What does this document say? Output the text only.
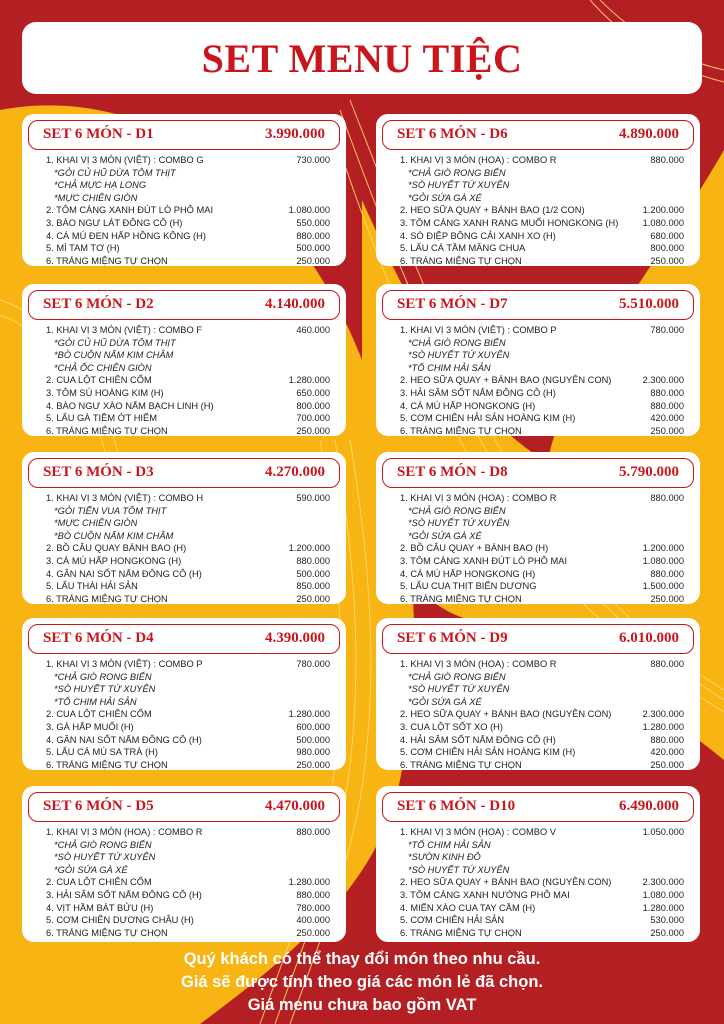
SET MENU TIỆC
SET 6 MÓN - D1	3.990.000
1. KHAI VỊ 3 MÓN (VIỆT) : COMBO G	730.000
*GỎI CỦ HŨ DỪA TÔM THỊT
*CHẢ MỰC HẠ LONG
*MỰC CHIÊN GIÒN
2. TÔM CÀNG XANH ĐÚT LÒ PHÔ MAI	1.080.000
3. BÀO NGƯ LÁT ĐÔNG CÔ (H)	550.000
4. CÁ MÚ ĐEN HẤP HỒNG KÔNG (H)	880.000
5. MÌ TAM TƠ (H)	500.000
6. TRÁNG MIỆNG TỰ CHỌN	250.000
SET 6 MÓN - D6	4.890.000
1. KHAI VỊ 3 MÓN (HOA) : COMBO R	880.000
*CHẢ GIÒ RONG BIỂN
*SÒ HUYẾT TỨ XUYÊN
*GỎI SỨA GÀ XÉ
2. HEO SỮA QUAY + BÁNH BAO (1/2 CON)	1.200.000
3. TÔM CÀNG XANH RANG MUỐI HONGKONG (H)	1.080.000
4. SÒ ĐIỆP BÔNG CẢI XANH XO (H)	680.000
5. LẨU CÁ TẦM MĂNG CHUA	800.000
6. TRÁNG MIỆNG TỰ CHỌN	250.000
SET 6 MÓN - D2	4.140.000
1. KHAI VỊ 3 MÓN (VIỆT) : COMBO F	460.000
*GỎI CỦ HŨ DỪA TÔM THỊT
*BÒ CUỘN NẤM KIM CHÂM
*CHẢ ỐC CHIÊN GIÒN
2. CUA LỘT CHIÊN CỐM	1.280.000
3. TÔM SÚ HOÀNG KIM (H)	650.000
4. BÀO NGƯ XÀO NẤM BẠCH LINH (H)	800.000
5. LẨU GÀ TIỀM ỚT HIỂM	700.000
6. TRÁNG MIỆNG TỰ CHỌN	250.000
SET 6 MÓN - D7	5.510.000
1. KHAI VỊ 3 MÓN (VIỆT) : COMBO P	780.000
*CHẢ GIÒ RONG BIỂN
*SÒ HUYẾT TỨ XUYÊN
*TỔ CHIM HẢI SẢN
2. HEO SỮA QUAY + BÁNH BAO (NGUYÊN CON)	2.300.000
3. HẢI SÂM SỐT NẤM ĐÔNG CÔ (H)	880.000
4. CÁ MÚ HẤP HONGKONG (H)	880.000
5. CƠM CHIÊN HẢI SẢN HOÀNG KIM (H)	420.000
6. TRÁNG MIỆNG TỰ CHỌN	250.000
SET 6 MÓN - D3	4.270.000
1. KHAI VỊ 3 MÓN (VIỆT) : COMBO H	590.000
*GỎI TIẾN VUA TÔM THỊT
*MỰC CHIÊN GIÒN
*BÒ CUỘN NẤM KIM CHÂM
2. BỒ CÂU QUAY BÁNH BAO (H)	1.200.000
3. CÁ MÚ HẤP HONGKONG (H)	880.000
4. GÂN NAI SỐT NẤM ĐÔNG CÔ (H)	500.000
5. LẨU THÁI HẢI SẢN	850.000
6. TRÁNG MIỆNG TỰ CHỌN	250.000
SET 6 MÓN - D8	5.790.000
1. KHAI VỊ 3 MÓN (HOA) : COMBO R	880.000
*CHẢ GIÒ RONG BIỂN
*SÒ HUYẾT TỨ XUYÊN
*GỎI SỨA GÀ XÉ
2. BỒ CÂU QUAY + BÁNH BAO (H)	1.200.000
3. TÔM CÀNG XANH ĐÚT LÒ PHÔ MAI	1.080.000
4. CÁ MÚ HẤP HONGKONG (H)	880.000
5. LẨU CUA THỊT BIỂN DƯƠNG	1.500.000
6. TRÁNG MIỆNG TỰ CHỌN	250.000
SET 6 MÓN - D4	4.390.000
1. KHAI VỊ 3 MÓN (VIỆT) : COMBO P	780.000
*CHẢ GIÒ RONG BIỂN
*SÒ HUYẾT TỨ XUYÊN
*TỔ CHIM HẢI SẢN
2. CUA LỘT CHIÊN CỐM	1.280.000
3. GÀ HẤP MUỐI (H)	600.000
4. GÂN NAI SỐT NẤM ĐÔNG CÔ (H)	500.000
5. LẨU CÁ MÚ SA TRÀ (H)	980.000
6. TRÁNG MIỆNG TỰ CHỌN	250.000
SET 6 MÓN - D9	6.010.000
1. KHAI VỊ 3 MÓN (HOA) : COMBO R	880.000
*CHẢ GIÒ RONG BIỂN
*SÒ HUYẾT TỨ XUYÊN
*GỎI SỨA GÀ XÉ
2. HEO SỮA QUAY + BÁNH BAO (NGUYÊN CON)	2.300.000
3. CUA LỘT SỐT XO (H)	1.280.000
4. HẢI SÂM SỐT NẤM ĐÔNG CÔ (H)	880.000
5. CƠM CHIÊN HẢI SẢN HOÀNG KIM (H)	420.000
6. TRÁNG MIỆNG TỰ CHỌN	250.000
SET 6 MÓN - D5	4.470.000
1. KHAI VỊ 3 MÓN (HOA) : COMBO R	880.000
*CHẢ GIÒ RONG BIỂN
*SÒ HUYẾT TỨ XUYÊN
*GỎI SỨA GÀ XÉ
2. CUA LỘT CHIÊN CỐM	1.280.000
3. HẢI SÂM SỐT NẤM ĐÔNG CÔ (H)	880.000
4. VỊT HẦM BÁT BỬU (H)	780.000
5. CƠM CHIÊN DƯƠNG CHÂU (H)	400.000
6. TRÁNG MIỆNG TỰ CHỌN	250.000
SET 6 MÓN - D10	6.490.000
1. KHAI VỊ 3 MÓN (HOA) : COMBO V	1.050.000
*TỔ CHIM HẢI SẢN
*SƯỜN KINH ĐÔ
*SÒ HUYẾT TỨ XUYÊN
2. HEO SỮA QUAY + BÁNH BAO (NGUYÊN CON)	2.300.000
3. TÔM CÀNG XANH NƯỚNG PHÔ MAI	1.080.000
4. MIẾN XÀO CUA TAY CẦM (H)	1.280.000
5. CƠM CHIÊN HẢI SẢN	530.000
6. TRÁNG MIỆNG TỰ CHỌN	250.000
Quý khách có thể thay đổi món theo nhu cầu.
Giá sẽ được tính theo giá các món lẻ đã chọn.
Giá menu chưa bao gồm VAT
